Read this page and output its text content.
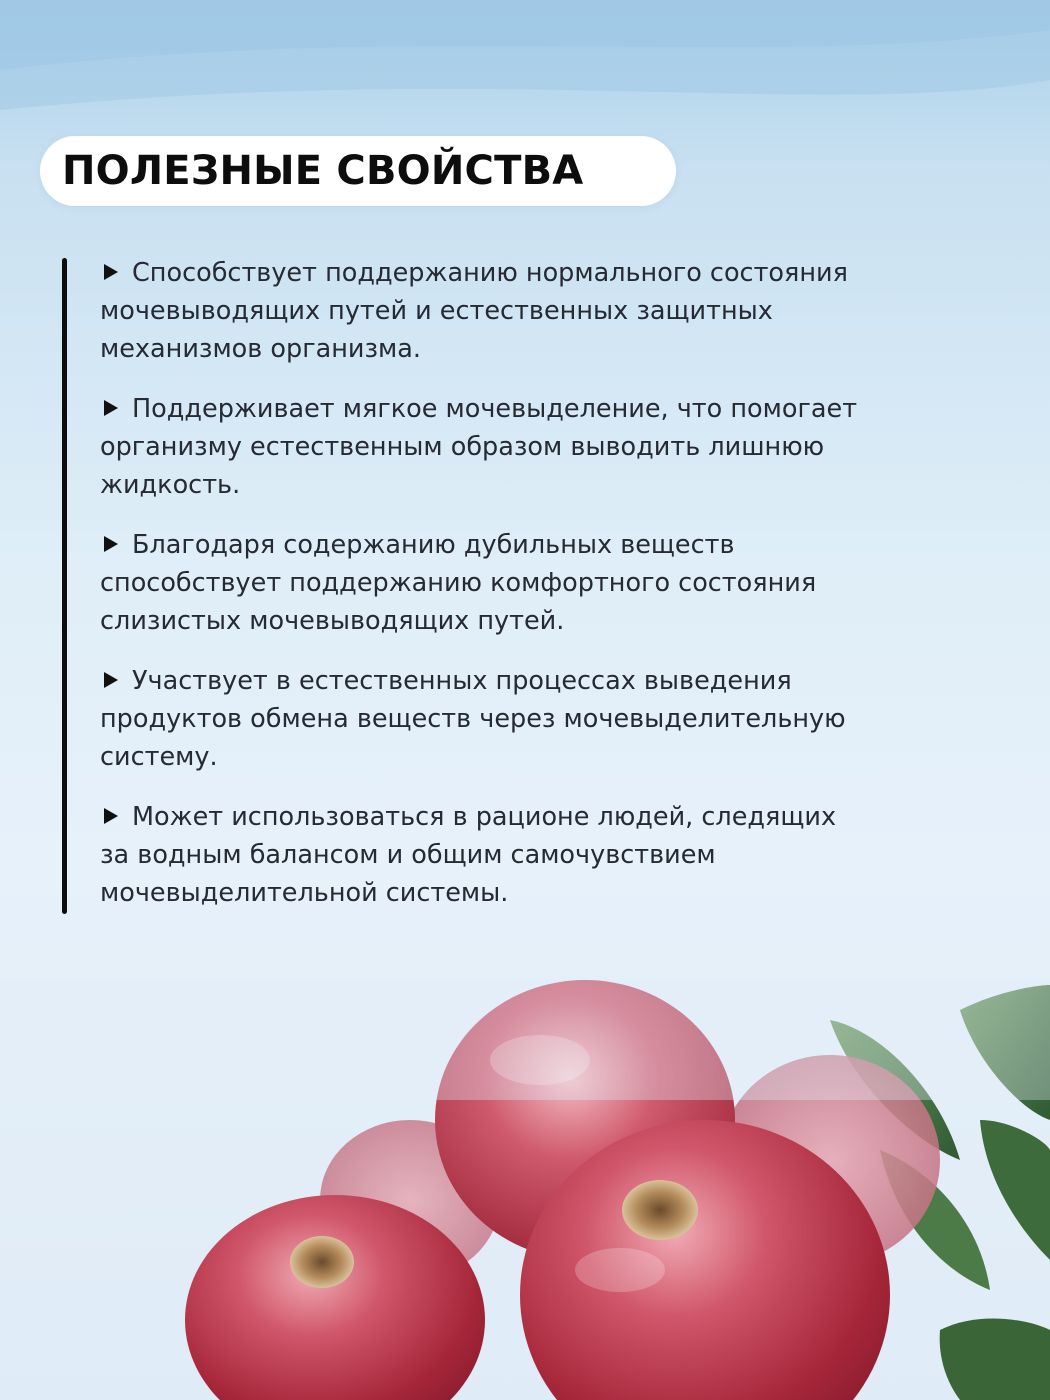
ПОЛЕЗНЫЕ СВОЙСТВА
Способствует поддержанию нормального состояния
мочевыводящих путей и естественных защитных
механизмов организма.
Поддерживает мягкое мочевыделение, что помогает
организму естественным образом выводить лишнюю
жидкость.
Благодаря содержанию дубильных веществ
способствует поддержанию комфортного состояния
слизистых мочевыводящих путей.
Участвует в естественных процессах выведения
продуктов обмена веществ через мочевыделительную
систему.
Может использоваться в рационе людей, следящих
за водным балансом и общим самочувствием
мочевыделительной системы.
